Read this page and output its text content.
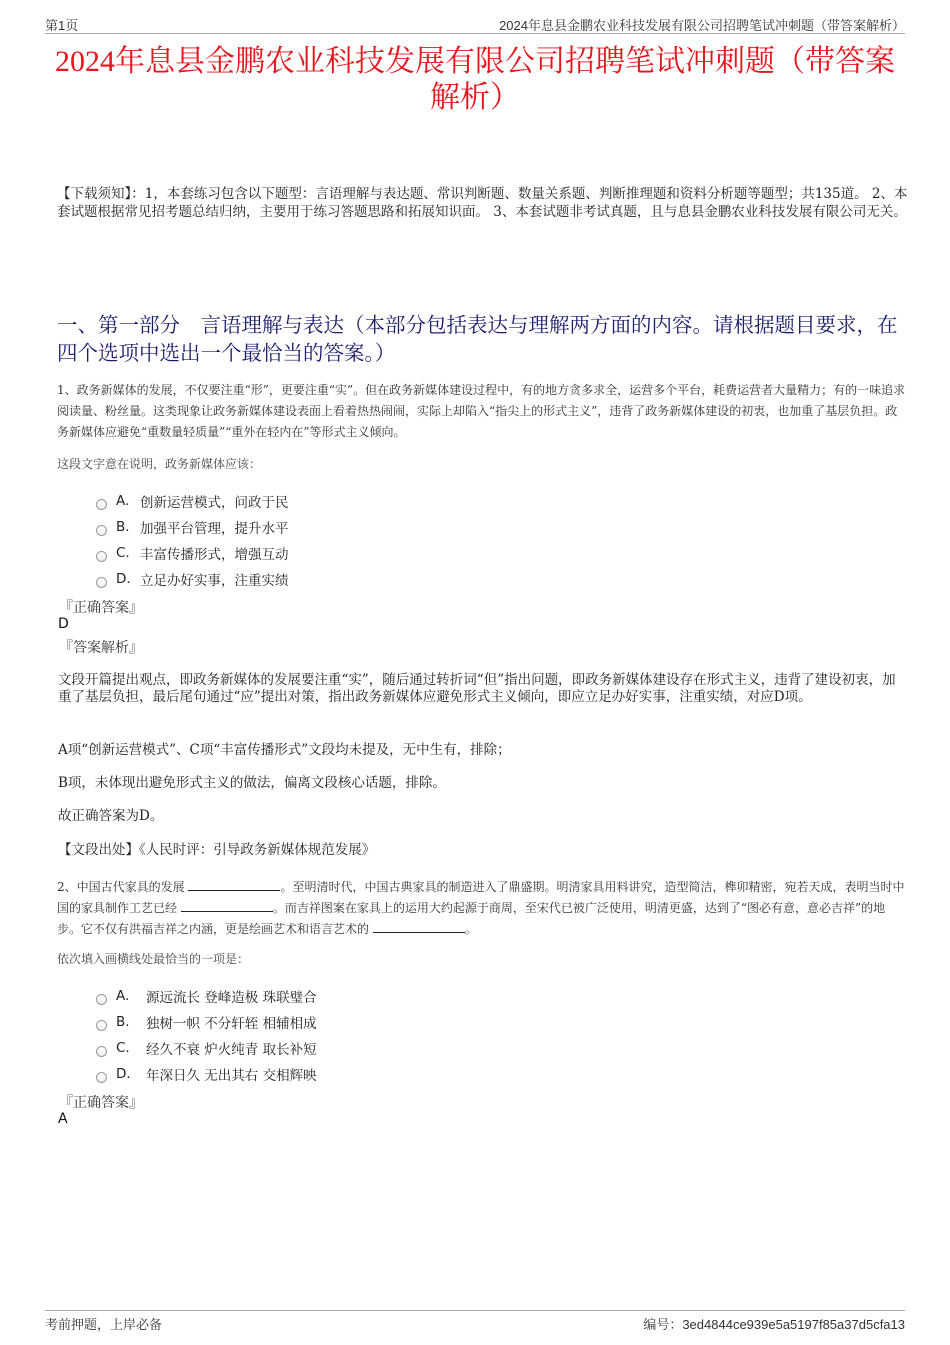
第1页	2024年息县金鹏农业科技发展有限公司招聘笔试冲刺题（带答案解析）
2024年息县金鹏农业科技发展有限公司招聘笔试冲刺题（带答案解析）
【下载须知】：1，本套练习包含以下题型：言语理解与表达题、常识判断题、数量关系题、判断推理题和资料分析题等题型；共135道。 2、本套试题根据常见招考题总结归纳，主要用于练习答题思路和拓展知识面。 3、本套试题非考试真题，且与息县金鹏农业科技发展有限公司无关。
一、第一部分　言语理解与表达（本部分包括表达与理解两方面的内容。请根据题目要求，在四个选项中选出一个最恰当的答案。）
1、政务新媒体的发展，不仅要注重“形”，更要注重“实”。但在政务新媒体建设过程中，有的地方贪多求全，运营多个平台，耗费运营者大量精力；有的一味追求阅读量、粉丝量。这类现象让政务新媒体建设表面上看着热热闹闹，实际上却陷入“指尖上的形式主义”，违背了政务新媒体建设的初衷，也加重了基层负担。政务新媒体应避免“重数量轻质量”“重外在轻内在”等形式主义倾向。
这段文字意在说明，政务新媒体应该：
A. 创新运营模式，问政于民
B. 加强平台管理，提升水平
C. 丰富传播形式，增强互动
D. 立足办好实事，注重实绩
『正确答案』
D
『答案解析』
文段开篇提出观点，即政务新媒体的发展要注重“实”，随后通过转折词“但”指出问题，即政务新媒体建设存在形式主义，违背了建设初衷，加重了基层负担，最后尾句通过“应”提出对策，指出政务新媒体应避免形式主义倾向，即应立足办好实事，注重实绩，对应D项。
A项“创新运营模式”、C项“丰富传播形式”文段均未提及，无中生有，排除；
B项，未体现出避免形式主义的做法，偏离文段核心话题，排除。
故正确答案为D。
【文段出处】《人民时评：引导政务新媒体规范发展》
2、中国古代家具的发展	。至明清时代，中国古典家具的制造进入了鼎盛期。明清家具用料讲究，造型简洁，榫卯精密，宛若天成，表明当时中国的家具制作工艺已经	。而吉祥图案在家具上的运用大约起源于商周，至宋代已被广泛使用，明清更盛，达到了“图必有意，意必吉祥”的地步。它不仅有洪福吉祥之内涵，更是绘画艺术和语言艺术的	。
依次填入画横线处最恰当的一项是：
A.	源远流长 登峰造极 珠联璧合
B.	独树一帜 不分轩轾 相辅相成
C.	经久不衰 炉火纯青 取长补短
D.	年深日久 无出其右 交相辉映
『正确答案』
A
考前押题，上岸必备	编号：3ed4844ce939e5a5197f85a37d5cfa13
